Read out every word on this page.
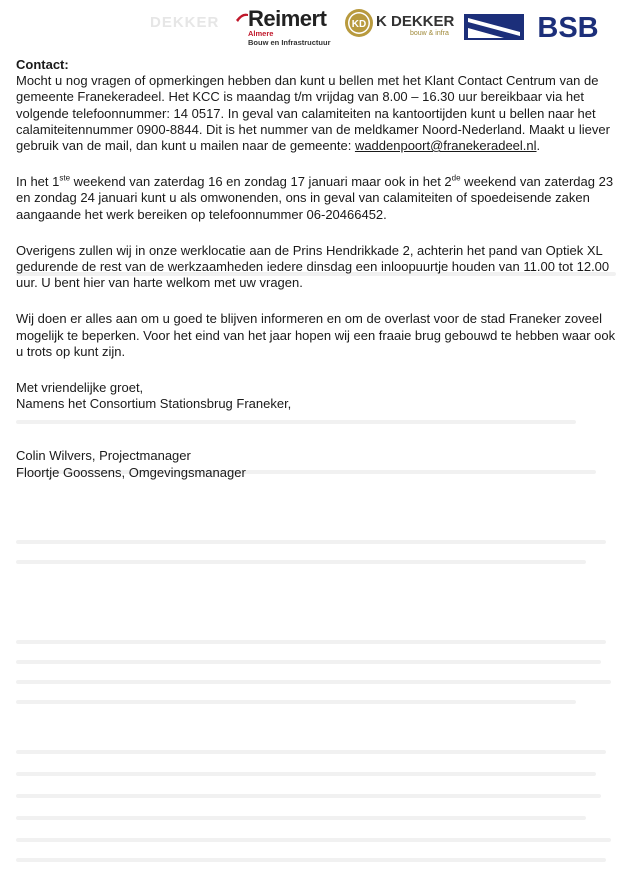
DEKKER Reimert
Almere
Bouw en Infrastructuur
KD K DEKKER
bouw & infra	BSB

Contact:

Mocht u nog vragen of opmerkingen hebben dan kunt u bellen met het Klant Contact Centrum van de gemeente Franekeradeel. Het KCC is maandag t/m vrijdag van 8.00 – 16.30 uur bereikbaar via het volgende telefoonnummer: 14 0517. In geval van calamiteiten na kantoortijden kunt u bellen naar het calamiteitennummer 0900-8844. Dit is het nummer van de meldkamer Noord-Nederland. Maakt u liever gebruik van de mail, dan kunt u mailen naar de gemeente: waddenpoort@franekeradeel.nl.

In het 1ste weekend van zaterdag 16 en zondag 17 januari maar ook in het 2de weekend van zaterdag 23 en zondag 24 januari kunt u als omwonenden, ons in geval van calamiteiten of spoedeisende zaken aangaande het werk bereiken op telefoonnummer 06-20466452.

Overigens zullen wij in onze werklocatie aan de Prins Hendrikkade 2, achterin het pand van Optiek XL gedurende de rest van de werkzaamheden iedere dinsdag een inloopuurtje houden van 11.00 tot 12.00 uur. U bent hier van harte welkom met uw vragen.

Wij doen er alles aan om u goed te blijven informeren en om de overlast voor de stad Franeker zoveel mogelijk te beperken. Voor het eind van het jaar hopen wij een fraaie brug gebouwd te hebben waar ook u trots op kunt zijn.

Met vriendelijke groet,

Namens het Consortium Stationsbrug Franeker,

Colin Wilvers, Projectmanager

Floortje Goossens, Omgevingsmanager
